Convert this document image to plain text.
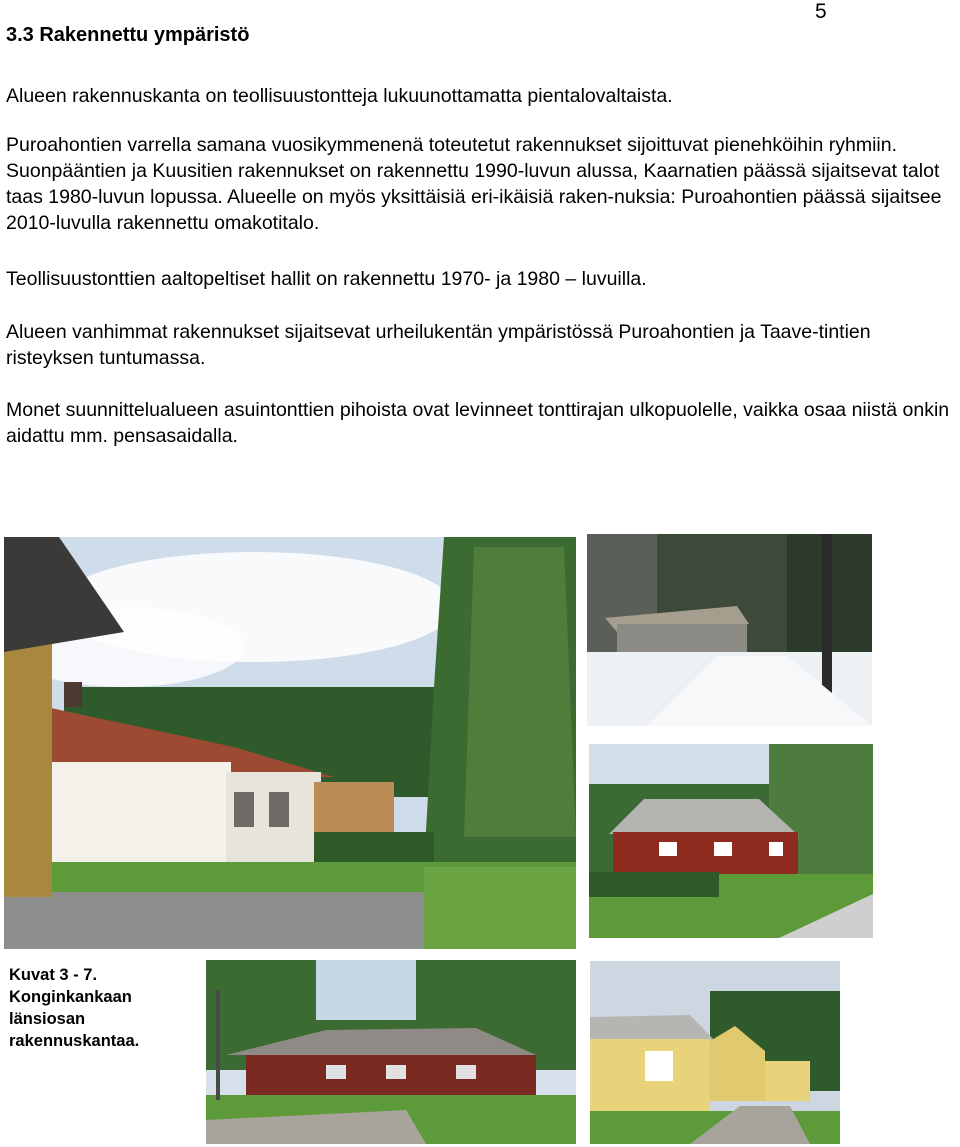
5
3.3 Rakennettu ympäristö

Alueen rakennuskanta on teollisuustontteja lukuunottamatta pientalovaltaista.

Puroahontien varrella samana vuosikymmenenä toteutetut rakennukset sijoittuvat pienehköihin ryhmiin. Suonpääntien ja Kuusitien rakennukset on rakennettu 1990-luvun alussa, Kaarnatien päässä sijaitsevat talot taas 1980-luvun lopussa. Alueelle on myös yksittäisiä eri-ikäisiä raken-nuksia: Puroahontien päässä sijaitsee 2010-luvulla rakennettu omakotitalo.

Teollisuustonttien aaltopeltiset hallit on rakennettu 1970- ja 1980 – luvuilla.

Alueen vanhimmat rakennukset sijaitsevat urheilukentän ympäristössä Puroahontien ja Taave-tintien risteyksen tuntumassa.

Monet suunnittelualueen asuintonttien pihoista ovat levinneet tonttirajan ulkopuolelle, vaikka osaa niistä onkin aidattu mm. pensasaidalla.

Kuvat 3 - 7. Konginkankaan länsiosan rakennuskantaa.
